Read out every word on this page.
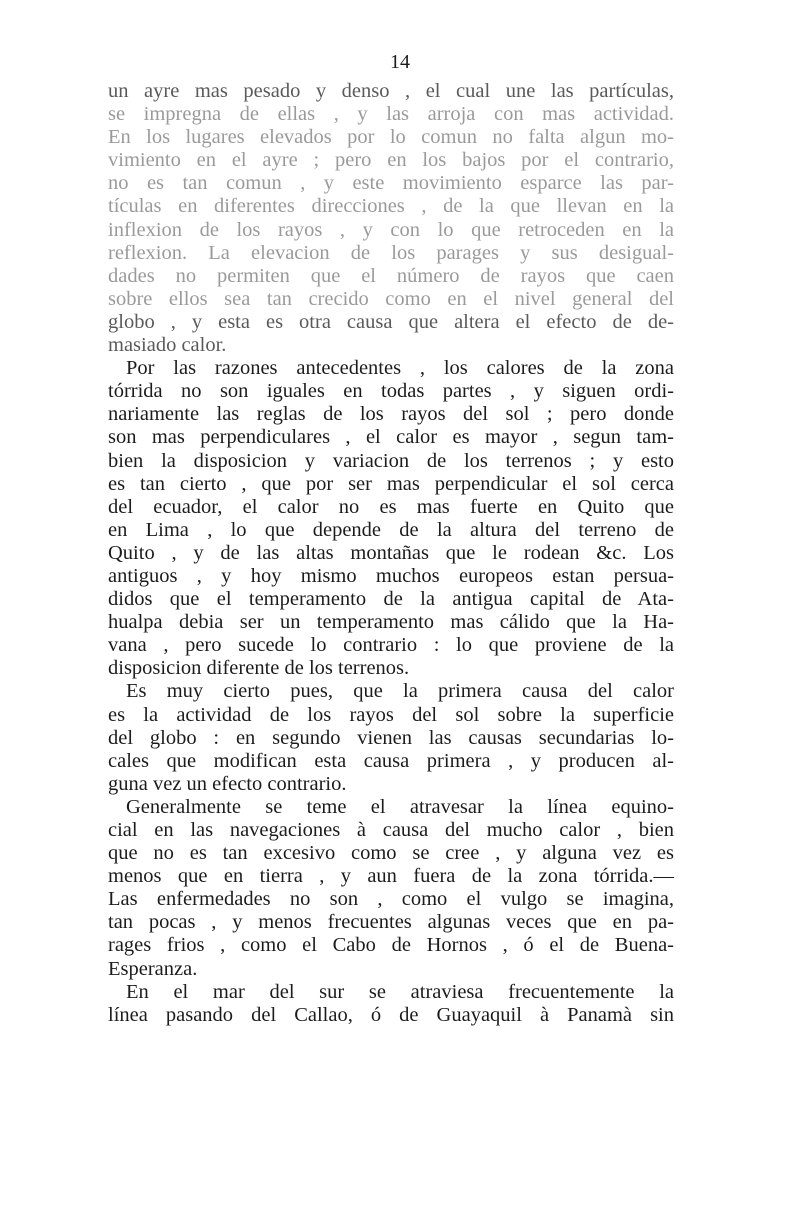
14
un ayre mas pesado y denso , el cual une las partículas,
se impregna de ellas , y las arroja con mas actividad.
En los lugares elevados por lo comun no falta algun mo-
vimiento en el ayre ; pero en los bajos por el contrario,
no es tan comun , y este movimiento esparce las par-
tículas en diferentes direcciones , de la que llevan en la
inflexion de los rayos , y con lo que retroceden en la
reflexion. La elevacion de los parages y sus desigual-
dades no permiten que el número de rayos que caen
sobre ellos sea tan crecido como en el nivel general del
globo , y esta es otra causa que altera el efecto de de-
masiado calor.
Por las razones antecedentes , los calores de la zona
tórrida no son iguales en todas partes , y siguen ordi-
nariamente las reglas de los rayos del sol ; pero donde
son mas perpendiculares , el calor es mayor , segun tam-
bien la disposicion y variacion de los terrenos ; y esto
es tan cierto , que por ser mas perpendicular el sol cerca
del ecuador, el calor no es mas fuerte en Quito que
en Lima , lo que depende de la altura del terreno de
Quito , y de las altas montañas que le rodean &c. Los
antiguos , y hoy mismo muchos europeos estan persua-
didos que el temperamento de la antigua capital de Ata-
hualpa debia ser un temperamento mas cálido que la Ha-
vana , pero sucede lo contrario : lo que proviene de la
disposicion diferente de los terrenos.
Es muy cierto pues, que la primera causa del calor
es la actividad de los rayos del sol sobre la superficie
del globo : en segundo vienen las causas secundarias lo-
cales que modifican esta causa primera , y producen al-
guna vez un efecto contrario.
Generalmente se teme el atravesar la línea equino-
cial en las navegaciones à causa del mucho calor , bien
que no es tan excesivo como se cree , y alguna vez es
menos que en tierra , y aun fuera de la zona tórrida.—
Las enfermedades no son , como el vulgo se imagina,
tan pocas , y menos frecuentes algunas veces que en pa-
rages frios , como el Cabo de Hornos , ó el de Buena-
Esperanza.
En el mar del sur se atraviesa frecuentemente la
línea pasando del Callao, ó de Guayaquil à Panamà sin
